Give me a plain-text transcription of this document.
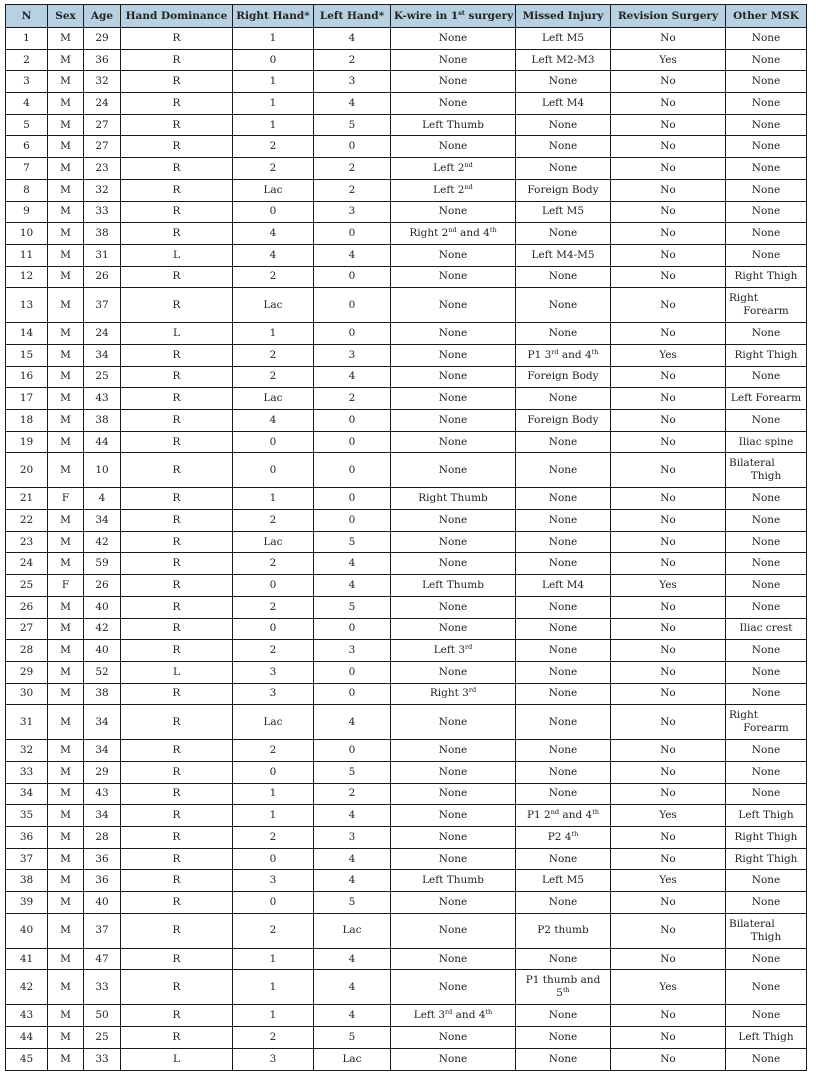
N	Sex	Age	Hand Dominance	Right Hand*	Left Hand*	K-wire in 1st surgery	Missed Injury	Revision Surgery	Other MSK
1	M	29	R	1	4	None	Left M5	No	None
2	M	36	R	0	2	None	Left M2-M3	Yes	None
3	M	32	R	1	3	None	None	No	None
4	M	24	R	1	4	None	Left M4	No	None
5	M	27	R	1	5	Left Thumb	None	No	None
6	M	27	R	2	0	None	None	No	None
7	M	23	R	2	2	Left 2nd	None	No	None
8	M	32	R	Lac	2	Left 2nd	Foreign Body	No	None
9	M	33	R	0	3	None	Left M5	No	None
10	M	38	R	4	0	Right 2nd and 4th	None	No	None
11	M	31	L	4	4	None	Left M4-M5	No	None
12	M	26	R	2	0	None	None	No	Right Thigh
13	M	37	R	Lac	0	None	None	No	Right Forearm
14	M	24	L	1	0	None	None	No	None
15	M	34	R	2	3	None	P1 3rd and 4th	Yes	Right Thigh
16	M	25	R	2	4	None	Foreign Body	No	None
17	M	43	R	Lac	2	None	None	No	Left Forearm
18	M	38	R	4	0	None	Foreign Body	No	None
19	M	44	R	0	0	None	None	No	Iliac spine
20	M	10	R	0	0	None	None	No	Bilateral Thigh
21	F	4	R	1	0	Right Thumb	None	No	None
22	M	34	R	2	0	None	None	No	None
23	M	42	R	Lac	5	None	None	No	None
24	M	59	R	2	4	None	None	No	None
25	F	26	R	0	4	Left Thumb	Left M4	Yes	None
26	M	40	R	2	5	None	None	No	None
27	M	42	R	0	0	None	None	No	Iliac crest
28	M	40	R	2	3	Left 3rd	None	No	None
29	M	52	L	3	0	None	None	No	None
30	M	38	R	3	0	Right 3rd	None	No	None
31	M	34	R	Lac	4	None	None	No	Right Forearm
32	M	34	R	2	0	None	None	No	None
33	M	29	R	0	5	None	None	No	None
34	M	43	R	1	2	None	None	No	None
35	M	34	R	1	4	None	P1 2nd and 4th	Yes	Left Thigh
36	M	28	R	2	3	None	P2 4th	No	Right Thigh
37	M	36	R	0	4	None	None	No	Right Thigh
38	M	36	R	3	4	Left Thumb	Left M5	Yes	None
39	M	40	R	0	5	None	None	No	None
40	M	37	R	2	Lac	None	P2 thumb	No	Bilateral Thigh
41	M	47	R	1	4	None	None	No	None
42	M	33	R	1	4	None	P1 thumb and 5th	Yes	None
43	M	50	R	1	4	Left 3rd and 4th	None	No	None
44	M	25	R	2	5	None	None	No	Left Thigh
45	M	33	L	3	Lac	None	None	No	None
